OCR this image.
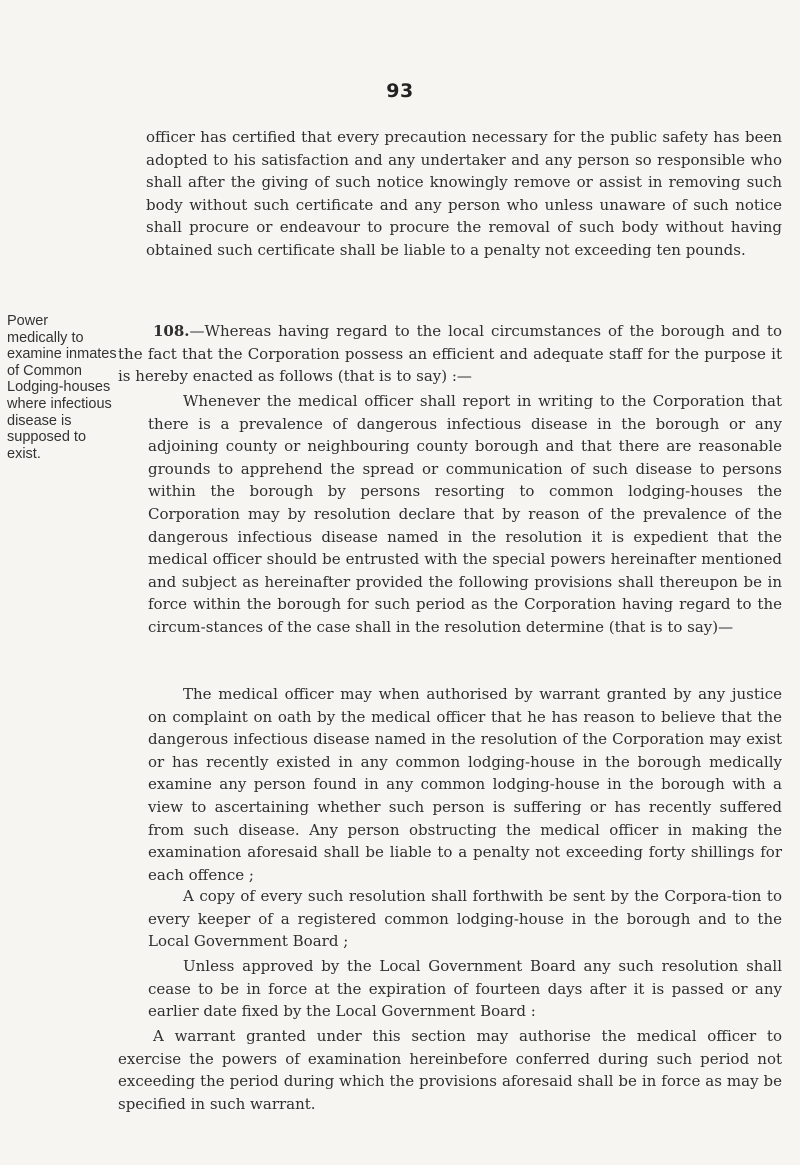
93

officer has certified that every precaution necessary for the public safety has been adopted to his satisfaction and any undertaker and any person so responsible who shall after the giving of such notice knowingly remove or assist in removing such body without such certificate and any person who unless unaware of such notice shall procure or endeavour to procure the removal of such body without having obtained such certificate shall be liable to a penalty not exceeding ten pounds.

Power
medically to
examine inmates
of Common
Lodging-houses
where infectious
disease is
supposed to
exist.

108.—Whereas having regard to the local circumstances of the borough and to the fact that the Corporation possess an efficient and adequate staff for the purpose it is hereby enacted as follows (that is to say) :—

Whenever the medical officer shall report in writing to the Corporation that there is a prevalence of dangerous infectious disease in the borough or any adjoining county or neighbouring county borough and that there are reasonable grounds to apprehend the spread or communication of such disease to persons within the borough by persons resorting to common lodging-houses the Corporation may by resolution declare that by reason of the prevalence of the dangerous infectious disease named in the resolution it is expedient that the medical officer should be entrusted with the special powers hereinafter mentioned and subject as hereinafter provided the following provisions shall thereupon be in force within the borough for such period as the Corporation having regard to the circum-stances of the case shall in the resolution determine (that is to say)—

The medical officer may when authorised by warrant granted by any justice on complaint on oath by the medical officer that he has reason to believe that the dangerous infectious disease named in the resolution of the Corporation may exist or has recently existed in any common lodging-house in the borough medically examine any person found in any common lodging-house in the borough with a view to ascertaining whether such person is suffering or has recently suffered from such disease. Any person obstructing the medical officer in making the examination aforesaid shall be liable to a penalty not exceeding forty shillings for each offence ;

A copy of every such resolution shall forthwith be sent by the Corpora-tion to every keeper of a registered common lodging-house in the borough and to the Local Government Board ;

Unless approved by the Local Government Board any such resolution shall cease to be in force at the expiration of fourteen days after it is passed or any earlier date fixed by the Local Government Board :

A warrant granted under this section may authorise the medical officer to exercise the powers of examination hereinbefore conferred during such period not exceeding the period during which the provisions aforesaid shall be in force as may be specified in such warrant.
